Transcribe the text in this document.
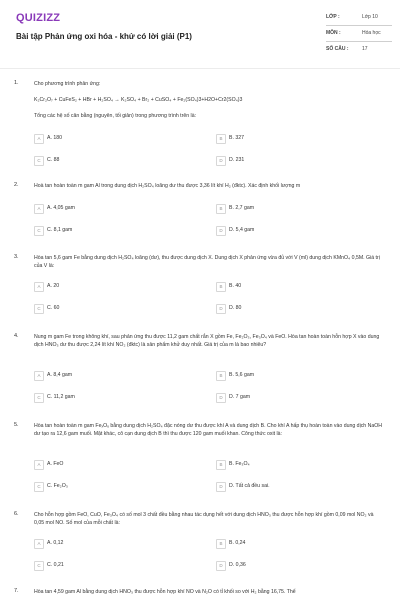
QUIZIZZ
Bài tập Phản ứng oxi hóa - khử có lời giải (P1)
LỚP :	Lớp 10
MÔN :	Hóa học
SỐ CÂU :	17
1.	Cho phương trình phản ứng:
K₂Cr₂O₇ + CuFeS₂ + HBr + H₂SO₄ → K₂SO₄ + Br₂ + CuSO₄ + Fe₂(SO₄)3+H2O+Cr2(SO₄)3
Tổng các hệ số cân bằng (nguyên, tối giản) trong phương trình trên là:
A	A. 180	B	B. 327
C	C. 88	D	D. 231
2.	Hoà tan hoàn toàn m gam Al trong dung dịch H₂SO₄ loãng dư thu được 3,36 lít khí H₂ (đktc). Xác định khối lượng m
A	A. 4,05 gam	B	B. 2,7 gam
C	C. 8,1 gam	D	D. 5,4 gam
3.	Hòa tan 5,6 gam Fe bằng dung dịch H₂SO₄ loãng (dư), thu được dung dịch X. Dung dịch X phản ứng vừa đủ với V (ml) dung dịch KMnO₄ 0,5M. Giá trị của V là:
A	A. 20	B	B. 40
C	C. 60	D	D. 80
4.	Nung m gam Fe trong không khí, sau phản ứng thu được 11,2 gam chất rắn X gồm Fe, Fe₂O₃, Fe₃O₄ và FeO. Hòa tan hoàn toàn hỗn hợp X vào dung dịch HNO₃ dư thu được 2,24 lít khí NO₂ (đktc) là sản phẩm khử duy nhất. Giá trị của m là bao nhiêu?
A	A. 8,4 gam	B	B. 5,6 gam
C	C. 11,2 gam	D	D. 7 gam
5.	Hòa tan hoàn toàn m gam FeₓOᵧ bằng dung dịch H₂SO₄ đặc nóng dư thu được khí A và dung dịch B. Cho khí A hấp thụ hoàn toàn vào dung dịch NaOH dư tạo ra 12,6 gam muối. Mặt khác, cô cạn dung dịch B thì thu được 120 gam muối khan. Công thức oxit là:
A	A. FeO	B	B. Fe₃O₄
C	C. Fe₂O₃	D	D. Tất cả đều sai.
6.	Cho hỗn hợp gồm FeO, CuO, Fe₃O₄ có số mol 3 chất đều bằng nhau tác dụng hết với dung dịch HNO₃ thu được hỗn hợp khí gồm 0,09 mol NO₂ và 0,05 mol NO. Số mol của mỗi chất là:
A	A. 0,12	B	B. 0,24
C	C. 0,21	D	D. 0,36
7.	Hòa tan 4,59 gam Al bằng dung dịch HNO₃ thu được hỗn hợp khí NO và N₂O có tỉ khối so với H₂ bằng 16,75. Thể
